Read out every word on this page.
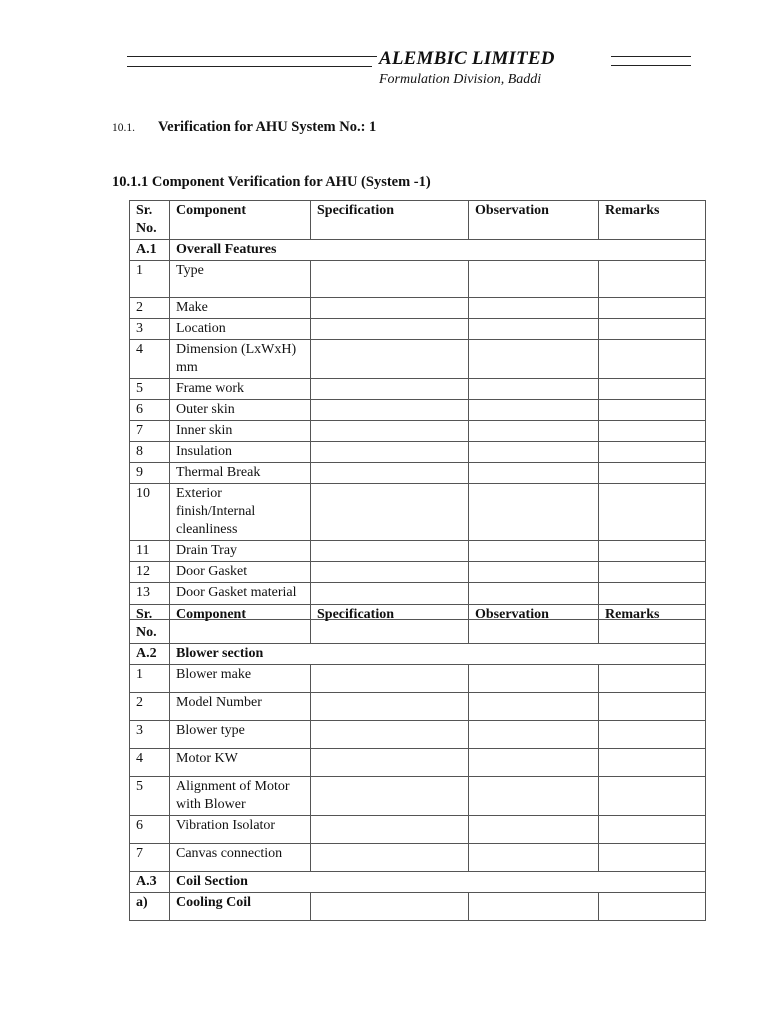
ALEMBIC LIMITED
Formulation Division, Baddi
10.1. Verification for AHU System No.: 1
10.1.1 Component Verification for AHU (System -1)
Sr. No.	Component	Specification	Observation	Remarks
A.1	Overall Features			
1	Type			
2	Make			
3	Location			
4	Dimension (LxWxH) mm			
5	Frame work			
6	Outer skin			
7	Inner skin			
8	Insulation			
9	Thermal Break			
10	Exterior finish/Internal cleanliness			
11	Drain Tray			
12	Door Gasket			
13	Door Gasket material			
Sr. No.	Component	Specification	Observation	Remarks
A.2	Blower section			
1	Blower make			
2	Model Number			
3	Blower type			
4	Motor KW			
5	Alignment of Motor with Blower			
6	Vibration Isolator			
7	Canvas connection			
A.3	Coil Section			
a)	Cooling Coil			
